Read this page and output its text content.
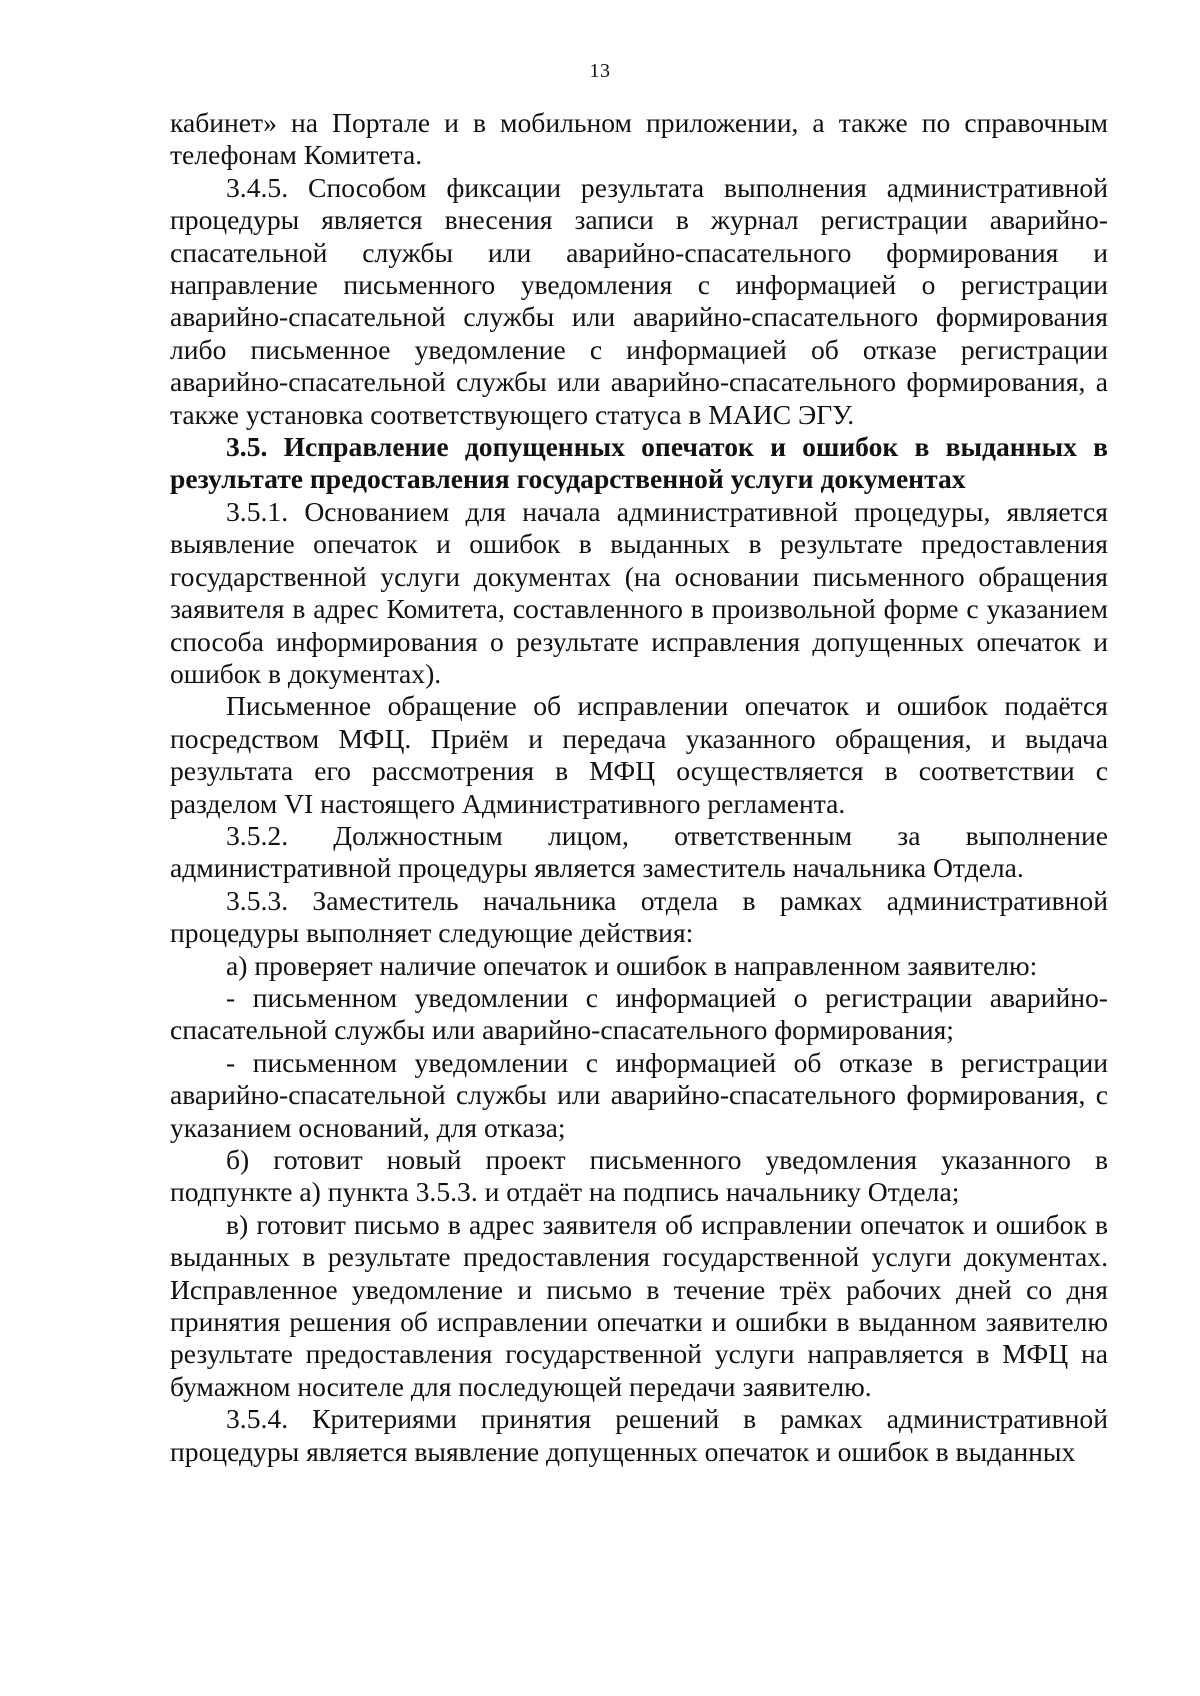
13

кабинет» на Портале и в мобильном приложении, а также по справочным телефонам Комитета.

3.4.5. Способом фиксации результата выполнения административной процедуры является внесения записи в журнал регистрации аварийно-спасательной службы или аварийно-спасательного формирования и направление письменного уведомления с информацией о регистрации аварийно-спасательной службы или аварийно-спасательного формирования либо письменное уведомление с информацией об отказе регистрации аварийно-спасательной службы или аварийно-спасательного формирования, а также установка соответствующего статуса в МАИС ЭГУ.

3.5. Исправление допущенных опечаток и ошибок в выданных в результате предоставления государственной услуги документах

3.5.1. Основанием для начала административной процедуры, является выявление опечаток и ошибок в выданных в результате предоставления государственной услуги документах (на основании письменного обращения заявителя в адрес Комитета, составленного в произвольной форме с указанием способа информирования о результате исправления допущенных опечаток и ошибок в документах).

Письменное обращение об исправлении опечаток и ошибок подаётся посредством МФЦ. Приём и передача указанного обращения, и выдача результата его рассмотрения в МФЦ осуществляется в соответствии с разделом VI настоящего Административного регламента.

3.5.2. Должностным лицом, ответственным за выполнение административной процедуры является заместитель начальника Отдела.

3.5.3. Заместитель начальника отдела в рамках административной процедуры выполняет следующие действия:

а) проверяет наличие опечаток и ошибок в направленном заявителю:

- письменном уведомлении с информацией о регистрации аварийно-спасательной службы или аварийно-спасательного формирования;

- письменном уведомлении с информацией об отказе в регистрации аварийно-спасательной службы или аварийно-спасательного формирования, с указанием оснований, для отказа;

б) готовит новый проект письменного уведомления указанного в подпункте а) пункта 3.5.3. и отдаёт на подпись начальнику Отдела;

в) готовит письмо в адрес заявителя об исправлении опечаток и ошибок в выданных в результате предоставления государственной услуги документах. Исправленное уведомление и письмо в течение трёх рабочих дней со дня принятия решения об исправлении опечатки и ошибки в выданном заявителю результате предоставления государственной услуги направляется в МФЦ на бумажном носителе для последующей передачи заявителю.

3.5.4. Критериями принятия решений в рамках административной процедуры является выявление допущенных опечаток и ошибок в выданных
